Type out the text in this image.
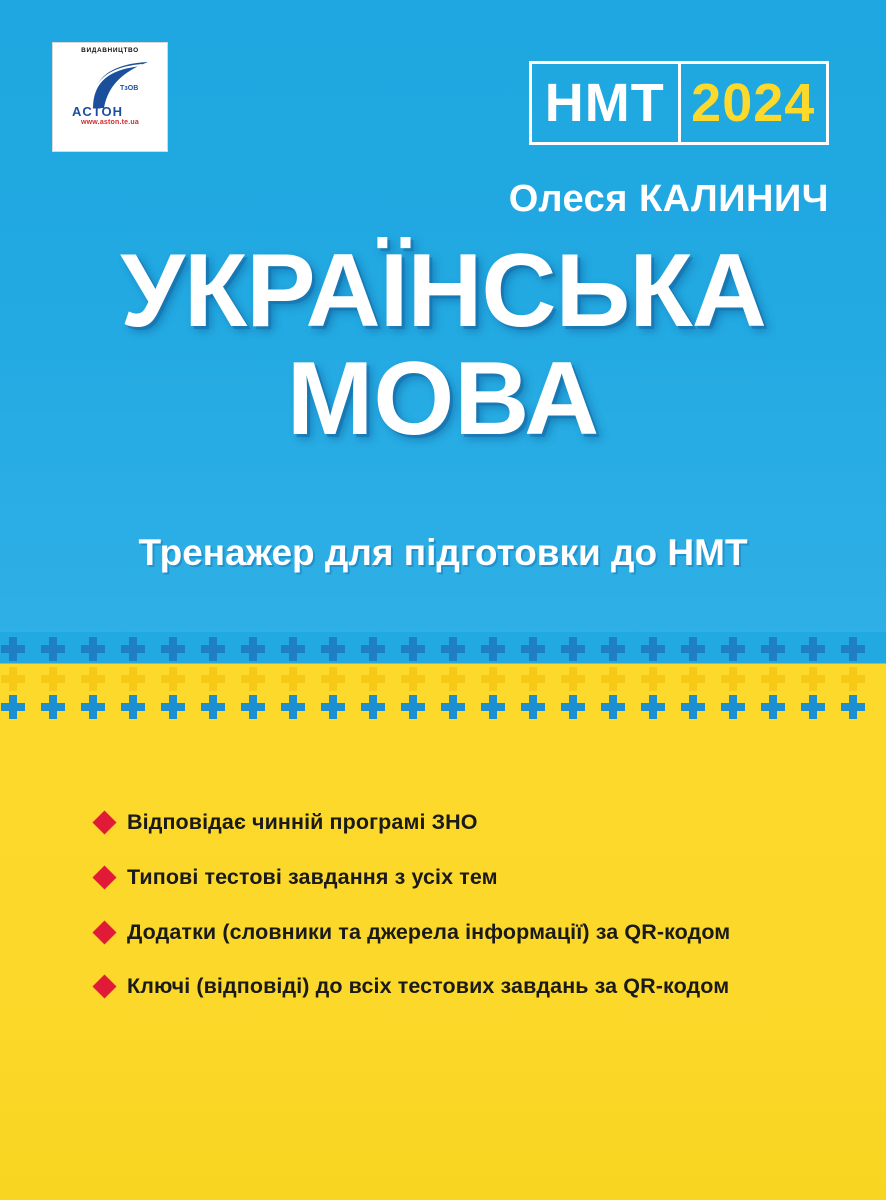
ВИДАВНИЦТВО
ТзОВ
ACTOH
www.aston.te.ua	НМТ 2024
Олеся КАЛИНИЧ
УКРАЇНСЬКА
МОВА
Тренажер для підготовки до НМТ
Відповідає чинній програмі ЗНО
Типові тестові завдання з усіх тем
Додатки (словники та джерела інформації) за QR-кодом
Ключі (відповіді) до всіх тестових завдань за QR-кодом
